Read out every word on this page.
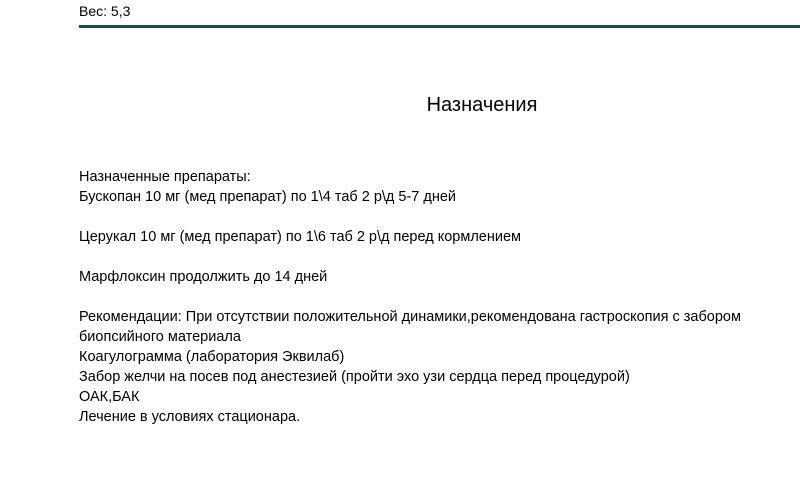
Вес: 5,3
Назначения
Назначенные препараты:
Бускопан 10 мг (мед препарат) по 1\4 таб 2 р\д 5-7 дней
Церукал 10 мг (мед препарат) по 1\6 таб 2 р\д перед кормлением
Марфлоксин продолжить до 14 дней
Рекомендации: При отсутствии положительной динамики,рекомендована гастроскопия с забором
биопсийного материала
Коагулограмма (лаборатория Эквилаб)
Забор желчи на посев под анестезией (пройти эхо узи сердца перед процедурой)
ОАК,БАК
Лечение в условиях стационара.
